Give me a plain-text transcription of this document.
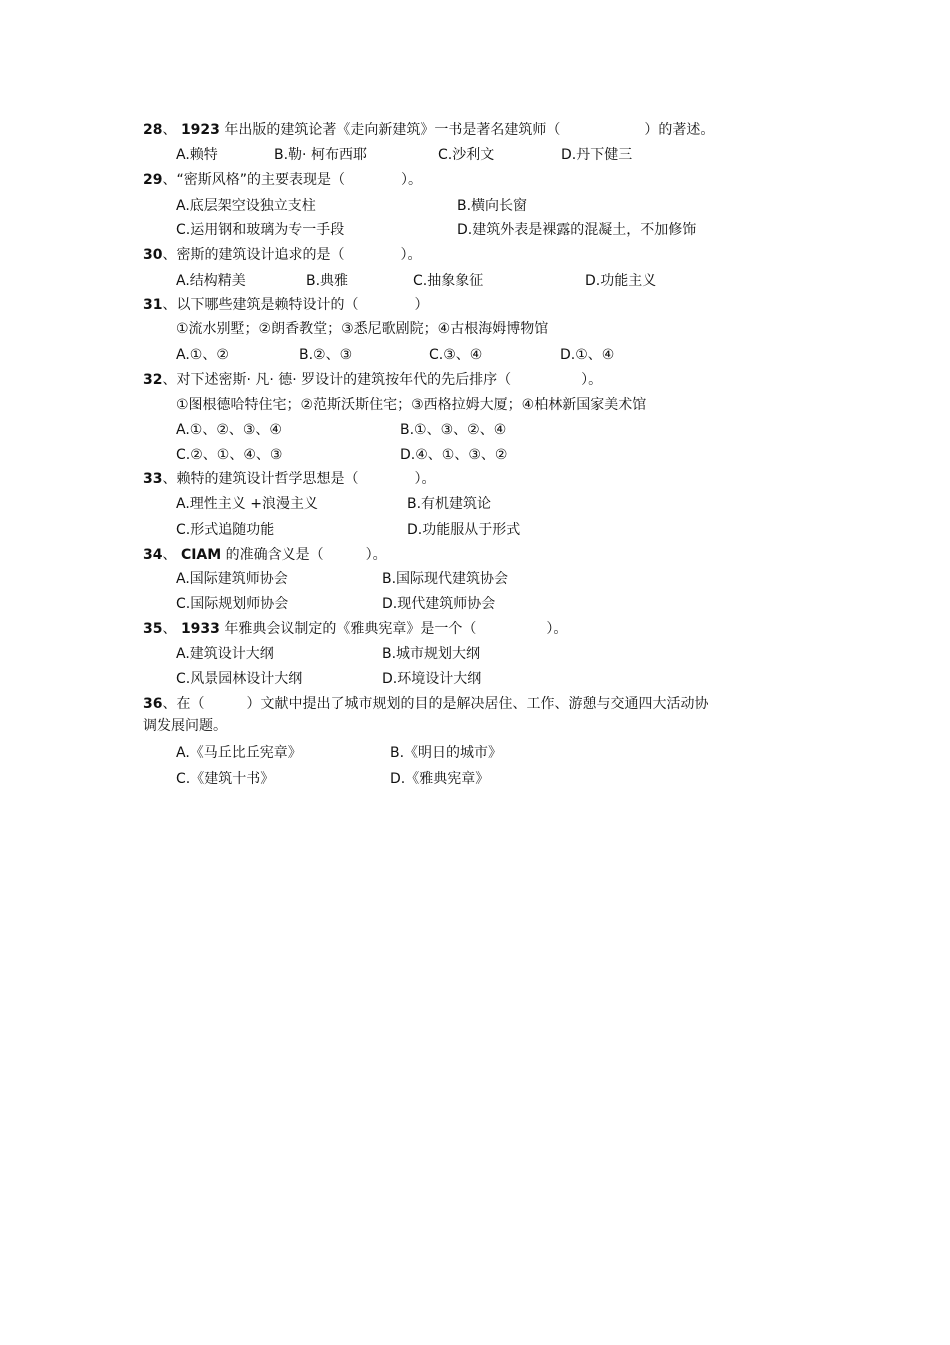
28、 1923 年出版的建筑论著《走向新建筑》一书是著名建筑师（　　　　　　）的著述。
A.赖特	B.勒· 柯布西耶	C.沙利文	D.丹下健三
29、“密斯风格”的主要表现是（　　　　）。
A.底层架空设独立支柱	B.横向长窗
C.运用钢和玻璃为专一手段	D.建筑外表是裸露的混凝土，不加修饰
30、密斯的建筑设计追求的是（　　　　）。
A.结构精美	B.典雅	C.抽象象征	D.功能主义
31、以下哪些建筑是赖特设计的（　　　　）
①流水别墅；②朗香教堂；③悉尼歌剧院；④古根海姆博物馆
A.①、②	B.②、③	C.③、④	D.①、④
32、对下述密斯· 凡· 德· 罗设计的建筑按年代的先后排序（　　　　　）。
①图根德哈特住宅；②范斯沃斯住宅；③西格拉姆大厦；④柏林新国家美术馆
A.①、②、③、④	B.①、③、②、④
C.②、①、④、③	D.④、①、③、②
33、赖特的建筑设计哲学思想是（　　　　）。
A.理性主义 +浪漫主义	B.有机建筑论
C.形式追随功能	D.功能服从于形式
34、 CIAM 的准确含义是（　　　）。
A.国际建筑师协会	B.国际现代建筑协会
C.国际规划师协会	D.现代建筑师协会
35、 1933 年雅典会议制定的《雅典宪章》是一个（　　　　　）。
A.建筑设计大纲	B.城市规划大纲
C.风景园林设计大纲	D.环境设计大纲
36、在（　　　）文献中提出了城市规划的目的是解决居住、工作、游憩与交通四大活动协
调发展问题。
A.《马丘比丘宪章》	B.《明日的城市》
C.《建筑十书》	D.《雅典宪章》
